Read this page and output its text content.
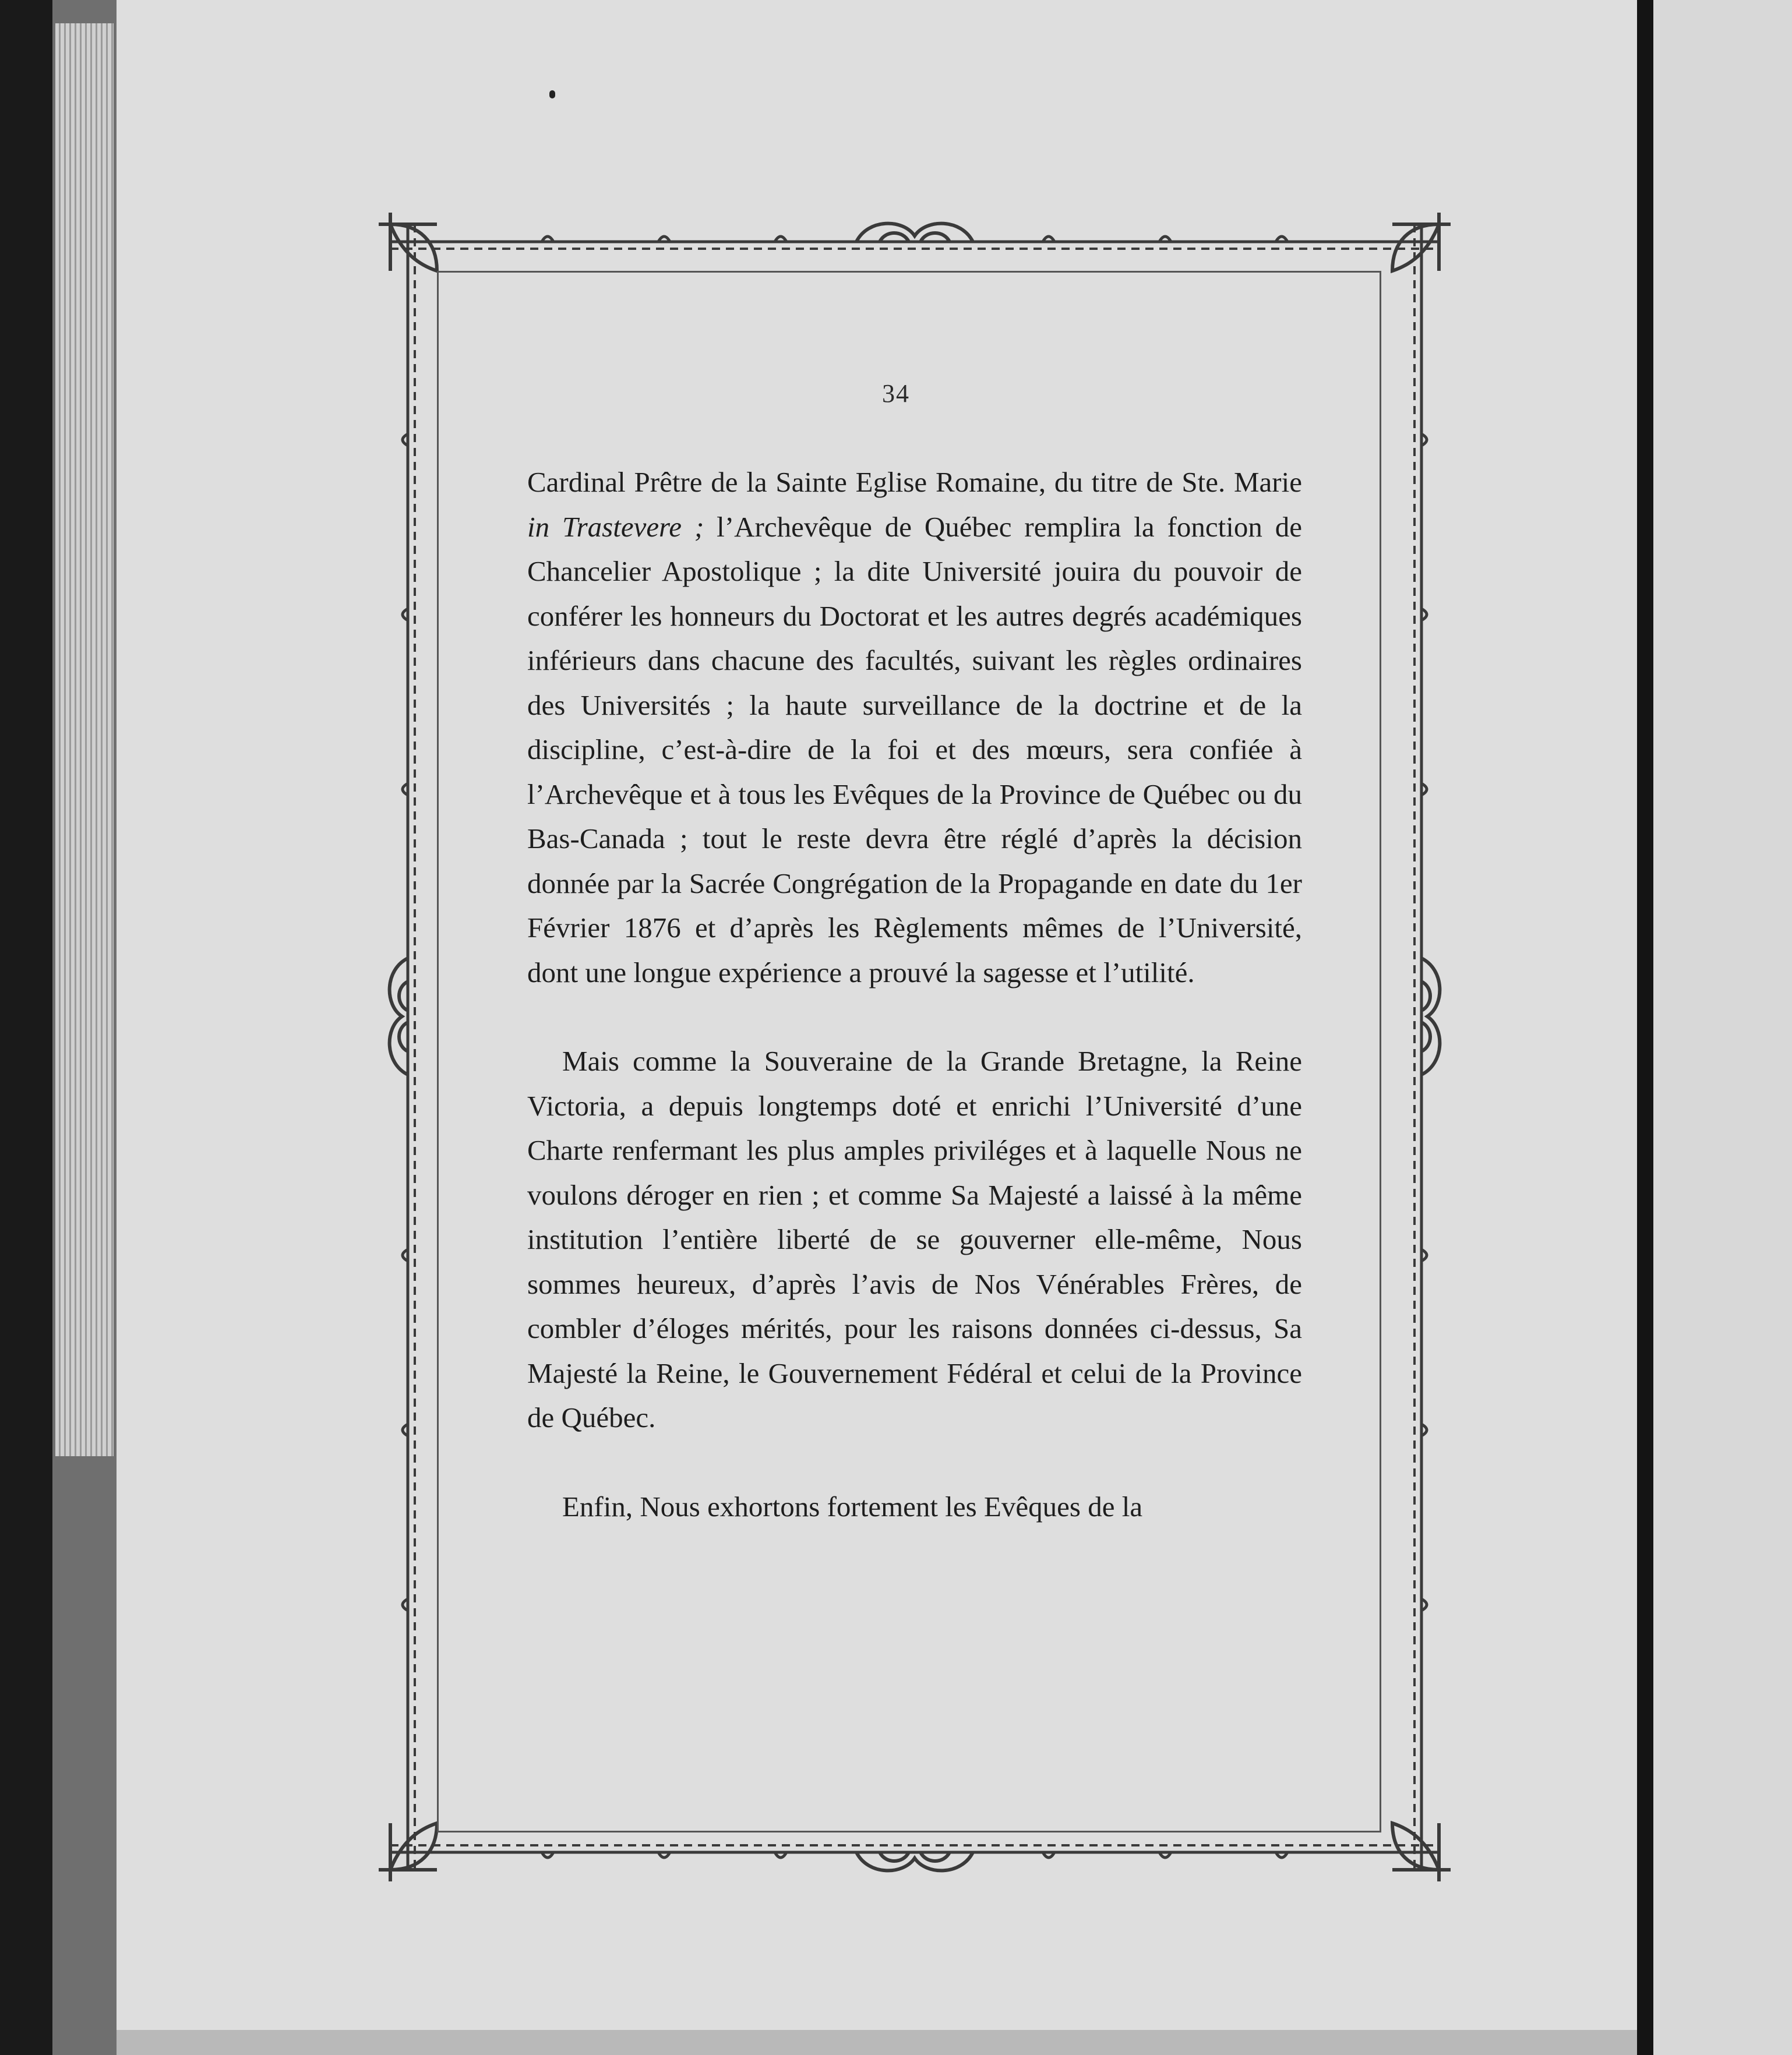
34

Cardinal Prêtre de la Sainte Eglise Romaine, du titre de Ste. Marie in Trastevere ; l’Archevêque de Québec remplira la fonction de Chancelier Apostolique ; la dite Université jouira du pouvoir de conférer les honneurs du Doctorat et les autres degrés académiques inférieurs dans chacune des facultés, suivant les règles ordinaires des Universités ; la haute surveillance de la doctrine et de la discipline, c’est-à-dire de la foi et des mœurs, sera confiée à l’Archevêque et à tous les Evêques de la Province de Québec ou du Bas-Canada ; tout le reste devra être réglé d’après la décision donnée par la Sacrée Congrégation de la Propagande en date du 1er Février 1876 et d’après les Règlements mêmes de l’Université, dont une longue expérience a prouvé la sagesse et l’utilité.

Mais comme la Souveraine de la Grande Bretagne, la Reine Victoria, a depuis longtemps doté et enrichi l’Université d’une Charte renfermant les plus amples priviléges et à laquelle Nous ne voulons déroger en rien ; et comme Sa Majesté a laissé à la même institution l’entière liberté de se gouverner elle-même, Nous sommes heureux, d’après l’avis de Nos Vénérables Frères, de combler d’éloges mérités, pour les raisons données ci-dessus, Sa Majesté la Reine, le Gouvernement Fédéral et celui de la Province de Québec.

Enfin, Nous exhortons fortement les Evêques de la
